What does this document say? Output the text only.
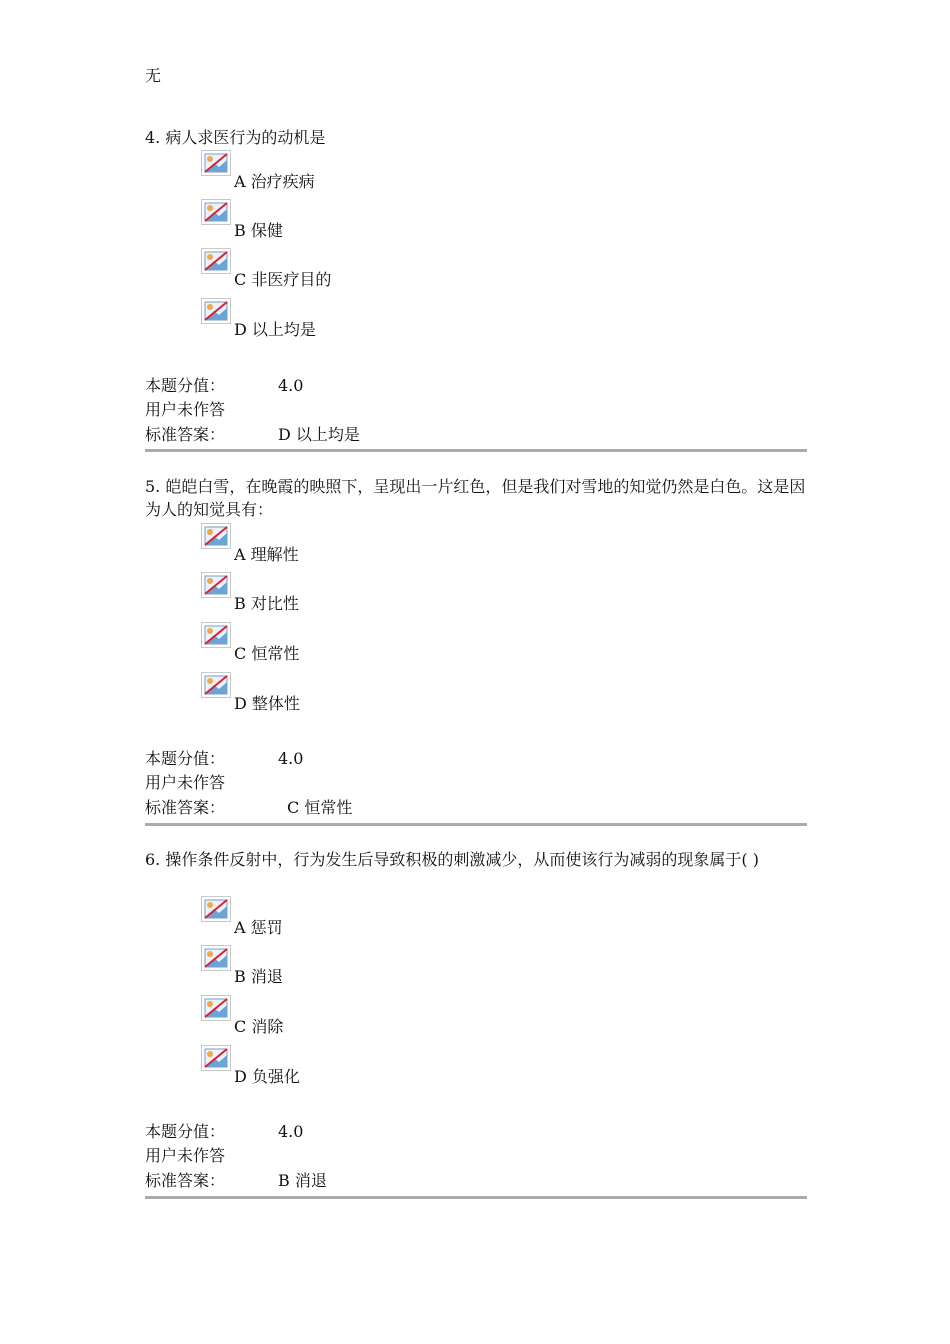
无
4. 病人求医行为的动机是
A 治疗疾病
B 保健
C 非医疗目的
D 以上均是
本题分值：	4.0
用户未作答
标准答案：	D 以上均是
5. 皑皑白雪，在晚霞的映照下，呈现出一片红色，但是我们对雪地的知觉仍然是白色。这是因为人的知觉具有：
A 理解性
B 对比性
C 恒常性
D 整体性
本题分值：	4.0
用户未作答
标准答案：	C 恒常性
6. 操作条件反射中，行为发生后导致积极的刺激减少，从而使该行为减弱的现象属于( )
A 惩罚
B 消退
C 消除
D 负强化
本题分值：	4.0
用户未作答
标准答案：	B 消退
